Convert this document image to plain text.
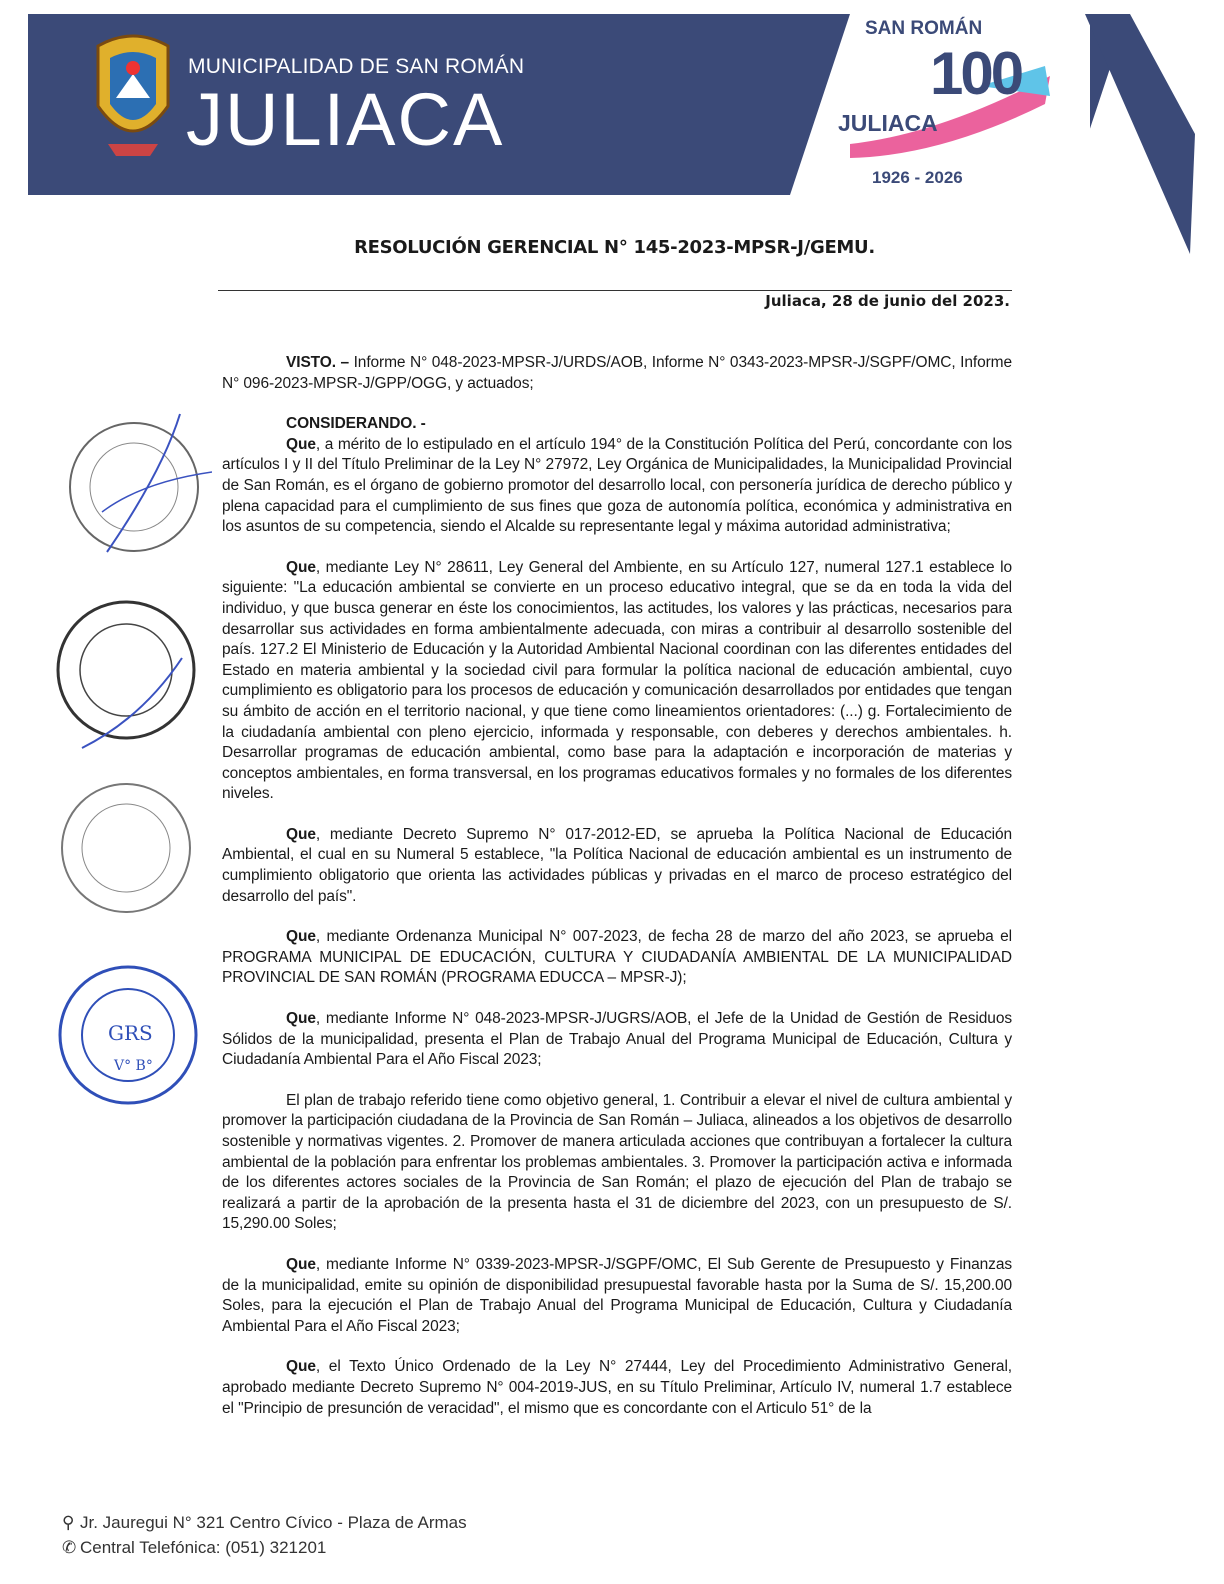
MUNICIPALIDAD DE SAN ROMÁN
JULIACA
SAN ROMÁN
100
JULIACA
1926 - 2026
RESOLUCIÓN GERENCIAL N° 145-2023-MPSR-J/GEMU.
Juliaca, 28 de junio del 2023.
VISTO. – Informe N° 048-2023-MPSR-J/URDS/AOB, Informe N° 0343-2023-MPSR-J/SGPF/OMC, Informe N° 096-2023-MPSR-J/GPP/OGG, y actuados;
CONSIDERANDO. -
Que, a mérito de lo estipulado en el artículo 194° de la Constitución Política del Perú, concordante con los artículos I y II del Título Preliminar de la Ley N° 27972, Ley Orgánica de Municipalidades, la Municipalidad Provincial de San Román, es el órgano de gobierno promotor del desarrollo local, con personería jurídica de derecho público y plena capacidad para el cumplimiento de sus fines que goza de autonomía política, económica y administrativa en los asuntos de su competencia, siendo el Alcalde su representante legal y máxima autoridad administrativa;
Que, mediante Ley N° 28611, Ley General del Ambiente, en su Artículo 127, numeral 127.1 establece lo siguiente: "La educación ambiental se convierte en un proceso educativo integral, que se da en toda la vida del individuo, y que busca generar en éste los conocimientos, las actitudes, los valores y las prácticas, necesarios para desarrollar sus actividades en forma ambientalmente adecuada, con miras a contribuir al desarrollo sostenible del país. 127.2 El Ministerio de Educación y la Autoridad Ambiental Nacional coordinan con las diferentes entidades del Estado en materia ambiental y la sociedad civil para formular la política nacional de educación ambiental, cuyo cumplimiento es obligatorio para los procesos de educación y comunicación desarrollados por entidades que tengan su ámbito de acción en el territorio nacional, y que tiene como lineamientos orientadores: (...) g. Fortalecimiento de la ciudadanía ambiental con pleno ejercicio, informada y responsable, con deberes y derechos ambientales. h. Desarrollar programas de educación ambiental, como base para la adaptación e incorporación de materias y conceptos ambientales, en forma transversal, en los programas educativos formales y no formales de los diferentes niveles.
Que, mediante Decreto Supremo N° 017-2012-ED, se aprueba la Política Nacional de Educación Ambiental, el cual en su Numeral 5 establece, "la Política Nacional de educación ambiental es un instrumento de cumplimiento obligatorio que orienta las actividades públicas y privadas en el marco de proceso estratégico del desarrollo del país".
Que, mediante Ordenanza Municipal N° 007-2023, de fecha 28 de marzo del año 2023, se aprueba el PROGRAMA MUNICIPAL DE EDUCACIÓN, CULTURA Y CIUDADANÍA AMBIENTAL DE LA MUNICIPALIDAD PROVINCIAL DE SAN ROMÁN (PROGRAMA EDUCCA – MPSR-J);
Que, mediante Informe N° 048-2023-MPSR-J/UGRS/AOB, el Jefe de la Unidad de Gestión de Residuos Sólidos de la municipalidad, presenta el Plan de Trabajo Anual del Programa Municipal de Educación, Cultura y Ciudadanía Ambiental Para el Año Fiscal 2023;
El plan de trabajo referido tiene como objetivo general, 1. Contribuir a elevar el nivel de cultura ambiental y promover la participación ciudadana de la Provincia de San Román – Juliaca, alineados a los objetivos de desarrollo sostenible y normativas vigentes. 2. Promover de manera articulada acciones que contribuyan a fortalecer la cultura ambiental de la población para enfrentar los problemas ambientales. 3. Promover la participación activa e informada de los diferentes actores sociales de la Provincia de San Román; el plazo de ejecución del Plan de trabajo se realizará a partir de la aprobación de la presenta hasta el 31 de diciembre del 2023, con un presupuesto de S/. 15,290.00 Soles;
Que, mediante Informe N° 0339-2023-MPSR-J/SGPF/OMC, El Sub Gerente de Presupuesto y Finanzas de la municipalidad, emite su opinión de disponibilidad presupuestal favorable hasta por la Suma de S/. 15,200.00 Soles, para la ejecución el Plan de Trabajo Anual del Programa Municipal de Educación, Cultura y Ciudadanía Ambiental Para el Año Fiscal 2023;
Que, el Texto Único Ordenado de la Ley N° 27444, Ley del Procedimiento Administrativo General, aprobado mediante Decreto Supremo N° 004-2019-JUS, en su Título Preliminar, Artículo IV, numeral 1.7 establece el "Principio de presunción de veracidad", el mismo que es concordante con el Articulo 51° de la
⚲ Jr. Jauregui N° 321 Centro Cívico - Plaza de Armas
✆ Central Telefónica: (051) 321201
GRS
V° B°
